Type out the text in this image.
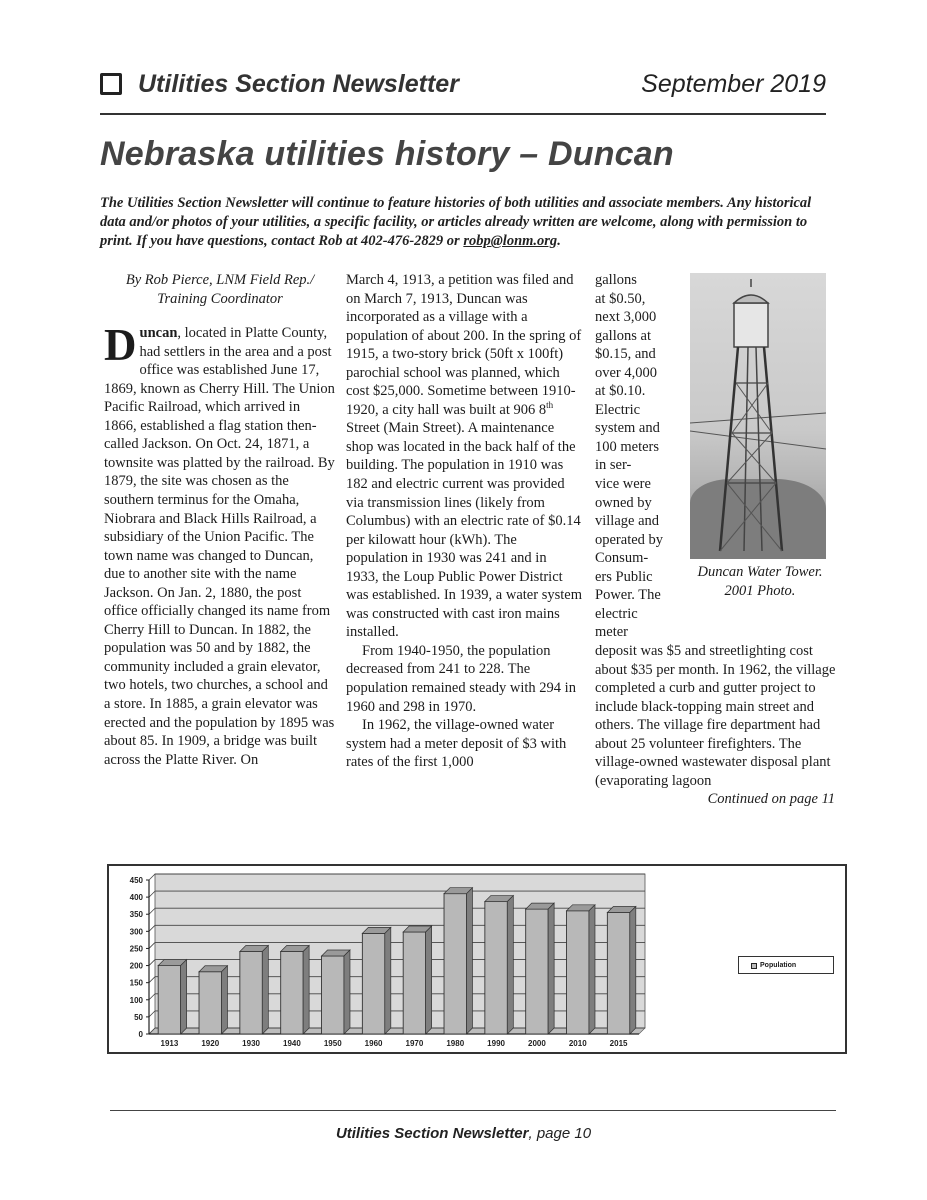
Utilities Section Newsletter	September 2019
Nebraska utilities history – Duncan
The Utilities Section Newsletter will continue to feature histories of both utilities and associate members. Any historical data and/or photos of your utilities, a specific facility, or articles already written are welcome, along with permission to print. If you have questions, contact Rob at 402-476-2829 or robp@lonm.org.
By Rob Pierce, LNM Field Rep./
Training Coordinator

Duncan, located in Platte County, had settlers in the area and a post office was established June 17, 1869, known as Cherry Hill. The Union Pacific Railroad, which arrived in 1866, established a flag station then-called Jackson. On Oct. 24, 1871, a townsite was platted by the railroad. By 1879, the site was chosen as the southern terminus for the Omaha, Niobrara and Black Hills Railroad, a subsidiary of the Union Pacific. The town name was changed to Duncan, due to another site with the name Jackson. On Jan. 2, 1880, the post office officially changed its name from Cherry Hill to Duncan. In 1882, the population was 50 and by 1882, the community included a grain elevator, two hotels, two churches, a school and a store. In 1885, a grain elevator was erected and the population by 1895 was about 85. In 1909, a bridge was built across the Platte River. On

March 4, 1913, a petition was filed and on March 7, 1913, Duncan was incorporated as a village with a population of about 200. In the spring of 1915, a two-story brick (50ft x 100ft) parochial school was planned, which cost $25,000. Sometime between 1910-1920, a city hall was built at 906 8th Street (Main Street). A maintenance shop was located in the back half of the building. The population in 1910 was 182 and electric current was provided via transmission lines (likely from Columbus) with an electric rate of $0.14 per kilowatt hour (kWh). The population in 1930 was 241 and in 1933, the Loup Public Power District was established. In 1939, a water system was constructed with cast iron mains installed.

From 1940-1950, the population decreased from 241 to 228. The population remained steady with 294 in 1960 and 298 in 1970.

In 1962, the village-owned water system had a meter deposit of $3 with rates of the first 1,000

gallons
at $0.50,
next 3,000
gallons at
$0.15, and
over 4,000
at $0.10.
Electric
system and
100 meters
in ser-
vice were
owned by
village and
operated by
Consum-
ers Public
Power. The
electric
meter
Duncan Water Tower. 2001 Photo.

deposit was $5 and streetlighting cost about $35 per month. In 1962, the village completed a curb and gutter project to include black-topping main street and others. The village fire department had about 25 volunteer firefighters. The village-owned wastewater disposal plant (evaporating lagoon

Continued on page 11
0
50
100
150
200
250
300
350
400
450
1913	1920	1930	1940	1950	1960	1970	1980	1990	2000	2010	2015
Population
Utilities Section Newsletter, page 10
